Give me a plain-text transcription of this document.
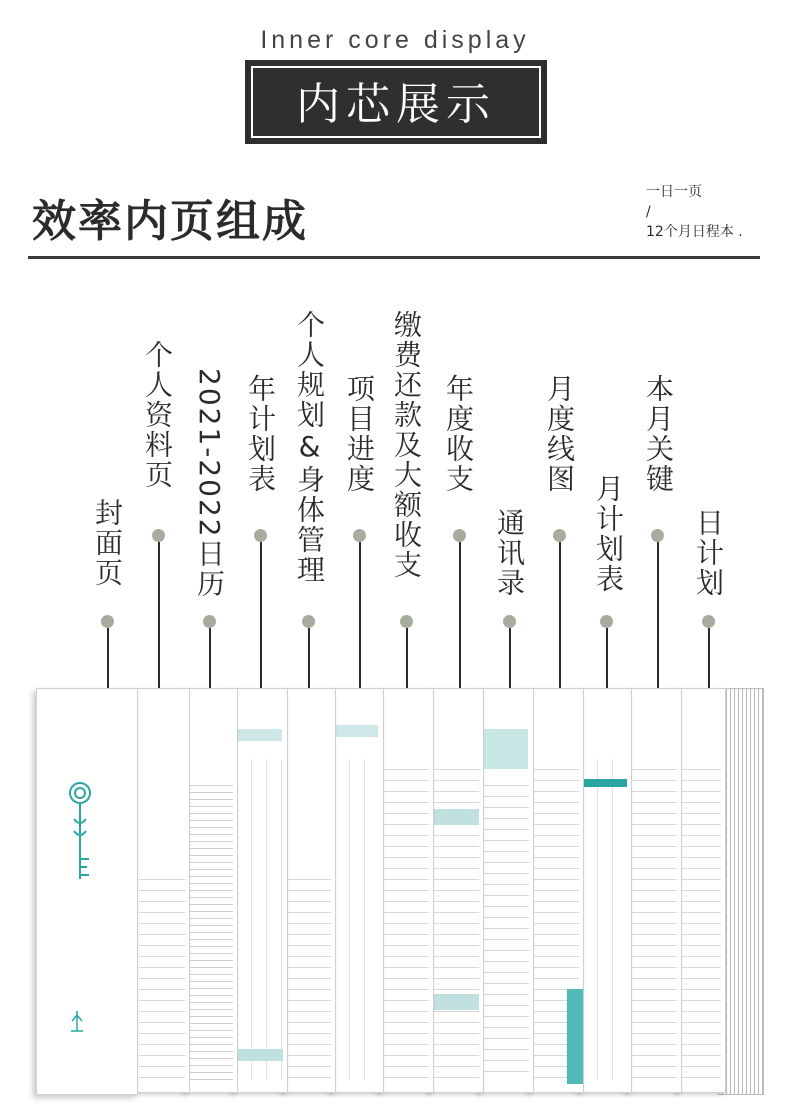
Inner core display
内芯展示
效率内页组成
一日一页
/
12个月日程本 .
封面页
个人资料页 2021-2022日历 年计划表 个人规划&身体管理 项目进度 缴费还款及大额收支 年度收支
通讯录
月度线图
月计划表
本月关键
日计划
